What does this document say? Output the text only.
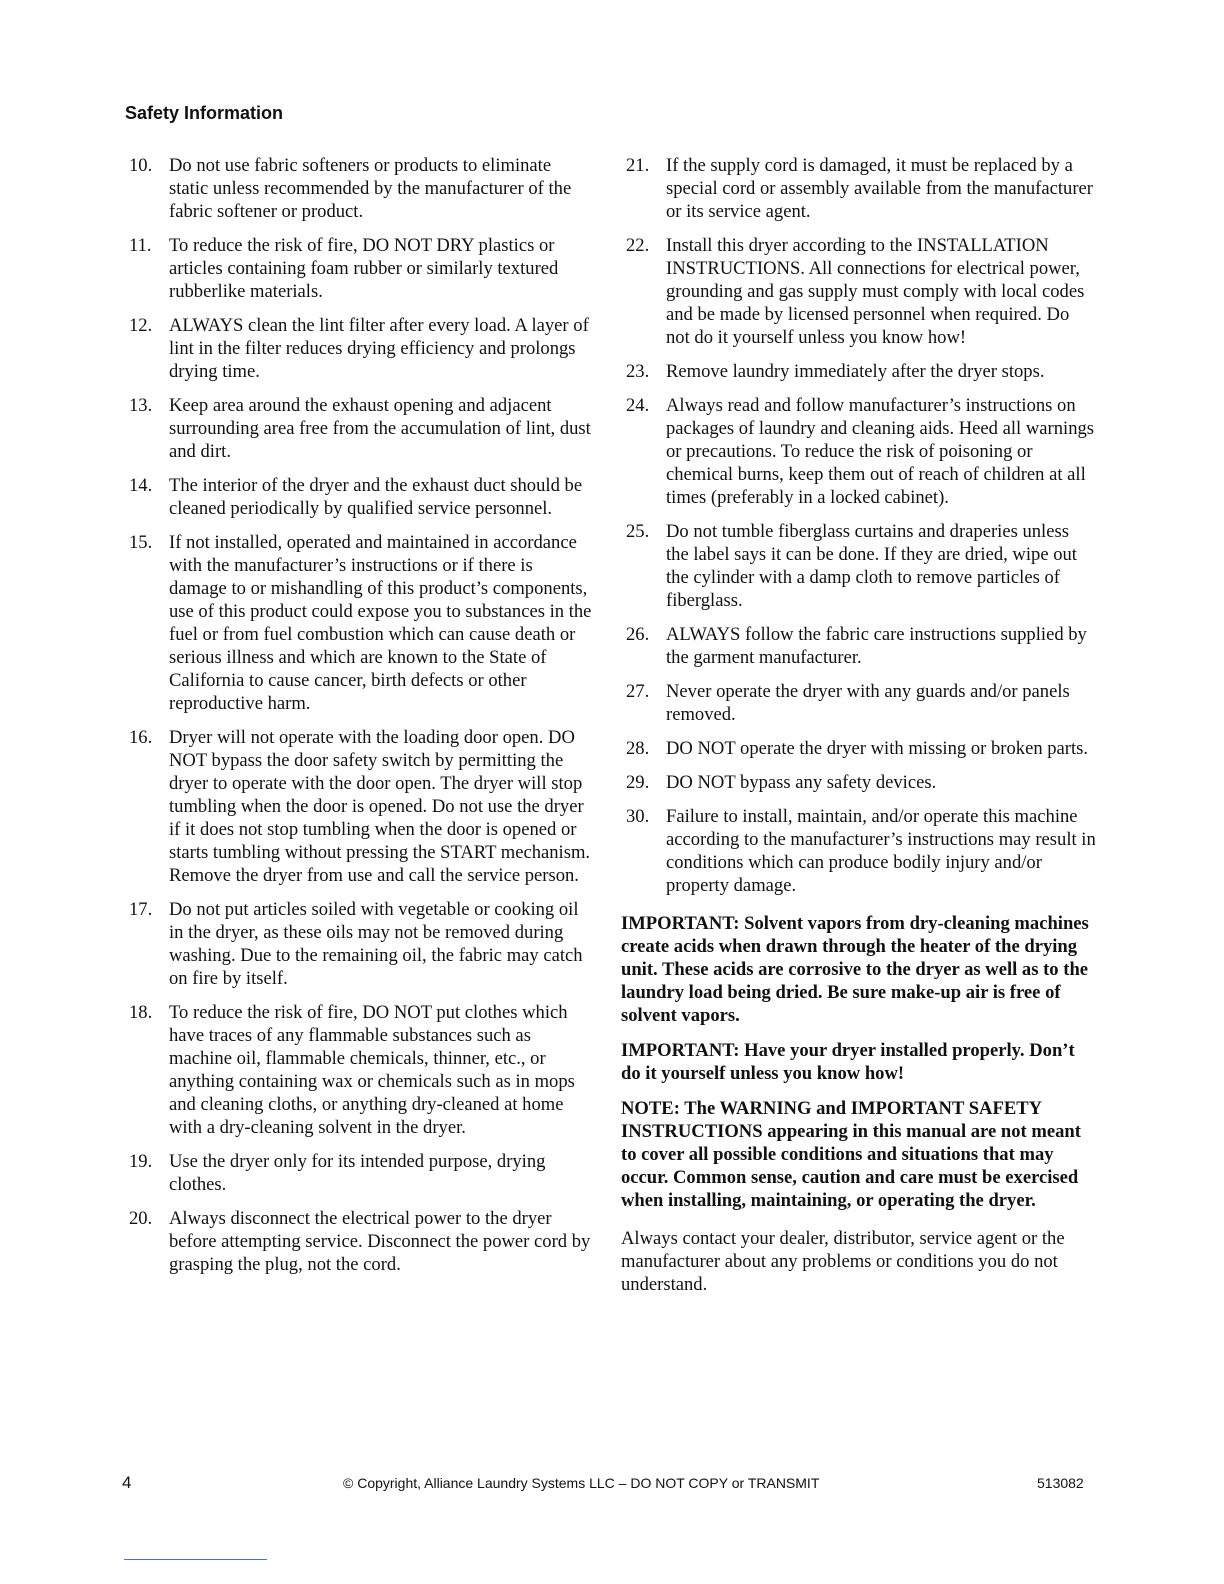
Safety Information
10. Do not use fabric softeners or products to eliminate static unless recommended by the manufacturer of the fabric softener or product.
11. To reduce the risk of fire, DO NOT DRY plastics or articles containing foam rubber or similarly textured rubberlike materials.
12. ALWAYS clean the lint filter after every load. A layer of lint in the filter reduces drying efficiency and prolongs drying time.
13. Keep area around the exhaust opening and adjacent surrounding area free from the accumulation of lint, dust and dirt.
14. The interior of the dryer and the exhaust duct should be cleaned periodically by qualified service personnel.
15. If not installed, operated and maintained in accordance with the manufacturer’s instructions or if there is damage to or mishandling of this product’s components, use of this product could expose you to substances in the fuel or from fuel combustion which can cause death or serious illness and which are known to the State of California to cause cancer, birth defects or other reproductive harm.
16. Dryer will not operate with the loading door open. DO NOT bypass the door safety switch by permitting the dryer to operate with the door open. The dryer will stop tumbling when the door is opened. Do not use the dryer if it does not stop tumbling when the door is opened or starts tumbling without pressing the START mechanism. Remove the dryer from use and call the service person.
17. Do not put articles soiled with vegetable or cooking oil in the dryer, as these oils may not be removed during washing. Due to the remaining oil, the fabric may catch on fire by itself.
18. To reduce the risk of fire, DO NOT put clothes which have traces of any flammable substances such as machine oil, flammable chemicals, thinner, etc., or anything containing wax or chemicals such as in mops and cleaning cloths, or anything dry-cleaned at home with a dry-cleaning solvent in the dryer.
19. Use the dryer only for its intended purpose, drying clothes.
20. Always disconnect the electrical power to the dryer before attempting service. Disconnect the power cord by grasping the plug, not the cord.
21. If the supply cord is damaged, it must be replaced by a special cord or assembly available from the manufacturer or its service agent.
22. Install this dryer according to the INSTALLATION INSTRUCTIONS. All connections for electrical power, grounding and gas supply must comply with local codes and be made by licensed personnel when required. Do not do it yourself unless you know how!
23. Remove laundry immediately after the dryer stops.
24. Always read and follow manufacturer’s instructions on packages of laundry and cleaning aids. Heed all warnings or precautions. To reduce the risk of poisoning or chemical burns, keep them out of reach of children at all times (preferably in a locked cabinet).
25. Do not tumble fiberglass curtains and draperies unless the label says it can be done. If they are dried, wipe out the cylinder with a damp cloth to remove particles of fiberglass.
26. ALWAYS follow the fabric care instructions supplied by the garment manufacturer.
27. Never operate the dryer with any guards and/or panels removed.
28. DO NOT operate the dryer with missing or broken parts.
29. DO NOT bypass any safety devices.
30. Failure to install, maintain, and/or operate this machine according to the manufacturer’s instructions may result in conditions which can produce bodily injury and/or property damage.
IMPORTANT: Solvent vapors from dry-cleaning machines create acids when drawn through the heater of the drying unit. These acids are corrosive to the dryer as well as to the laundry load being dried. Be sure make-up air is free of solvent vapors.
IMPORTANT: Have your dryer installed properly. Don’t do it yourself unless you know how!
NOTE: The WARNING and IMPORTANT SAFETY INSTRUCTIONS appearing in this manual are not meant to cover all possible conditions and situations that may occur. Common sense, caution and care must be exercised when installing, maintaining, or operating the dryer.
Always contact your dealer, distributor, service agent or the manufacturer about any problems or conditions you do not understand.
4	© Copyright, Alliance Laundry Systems LLC – DO NOT COPY or TRANSMIT	513082
